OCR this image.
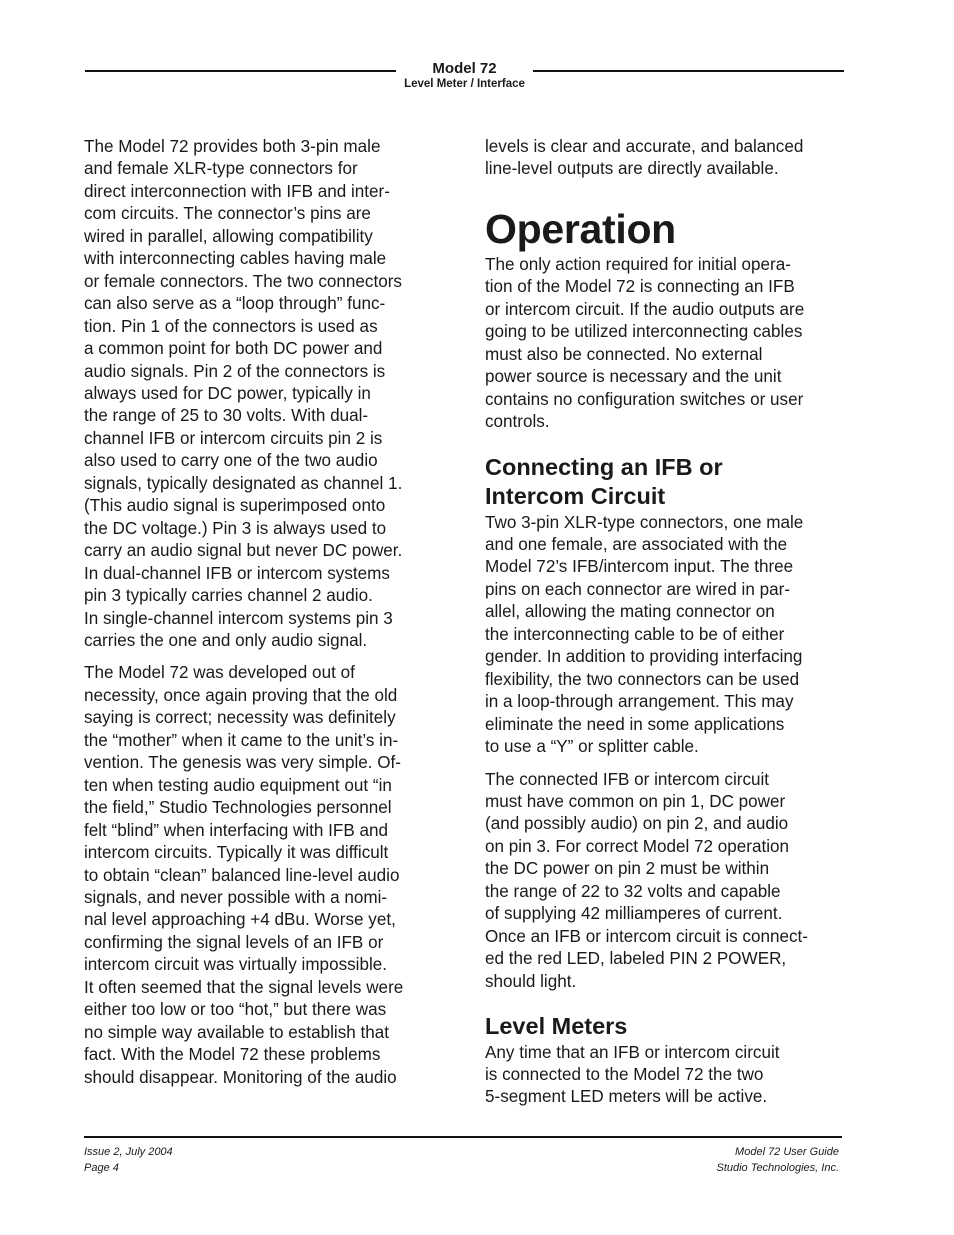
Model 72
Level Meter / Interface

The Model 72 provides both 3-pin male
and female XLR-type connectors for
direct interconnection with IFB and inter-
com circuits. The connector’s pins are
wired in parallel, allowing compatibility
with interconnecting cables having male
or female connectors. The two connectors
can also serve as a “loop through” func-
tion. Pin 1 of the connectors is used as
a common point for both DC power and
audio signals. Pin 2 of the connectors is
always used for DC power, typically in
the range of 25 to 30 volts. With dual-
channel IFB or intercom circuits pin 2 is
also used to carry one of the two audio
signals, typically designated as channel 1.
(This audio signal is superimposed onto
the DC voltage.) Pin 3 is always used to
carry an audio signal but never DC power.
In dual-channel IFB or intercom systems
pin 3 typically carries channel 2 audio.
In single-channel intercom systems pin 3
carries the one and only audio signal.

The Model 72 was developed out of
necessity, once again proving that the old
saying is correct; necessity was definitely
the “mother” when it came to the unit’s in-
vention. The genesis was very simple. Of-
ten when testing audio equipment out “in
the field,” Studio Technologies personnel
felt “blind” when interfacing with IFB and
intercom circuits. Typically it was difficult
to obtain “clean” balanced line-level audio
signals, and never possible with a nomi-
nal level approaching +4 dBu. Worse yet,
confirming the signal levels of an IFB or
intercom circuit was virtually impossible.
It often seemed that the signal levels were
either too low or too “hot,” but there was
no simple way available to establish that
fact. With the Model 72 these problems
should disappear. Monitoring of the audio

levels is clear and accurate, and balanced
line-level outputs are directly available.

Operation

The only action required for initial opera-
tion of the Model 72 is connecting an IFB
or intercom circuit. If the audio outputs are
going to be utilized interconnecting cables
must also be connected. No external
power source is necessary and the unit
contains no configuration switches or user
controls.

Connecting an IFB or
Intercom Circuit

Two 3-pin XLR-type connectors, one male
and one female, are associated with the
Model 72’s IFB/intercom input. The three
pins on each connector are wired in par-
allel, allowing the mating connector on
the interconnecting cable to be of either
gender. In addition to providing interfacing
flexibility, the two connectors can be used
in a loop-through arrangement. This may
eliminate the need in some applications
to use a “Y” or splitter cable.

The connected IFB or intercom circuit
must have common on pin 1, DC power
(and possibly audio) on pin 2, and audio
on pin 3. For correct Model 72 operation
the DC power on pin 2 must be within
the range of 22 to 32 volts and capable
of supplying 42 milliamperes of current.
Once an IFB or intercom circuit is connect-
ed the red LED, labeled PIN 2 POWER,
should light.

Level Meters

Any time that an IFB or intercom circuit
is connected to the Model 72 the two
5-segment LED meters will be active.

Issue 2, July 2004
Page 4
Model 72 User Guide
Studio Technologies, Inc.
